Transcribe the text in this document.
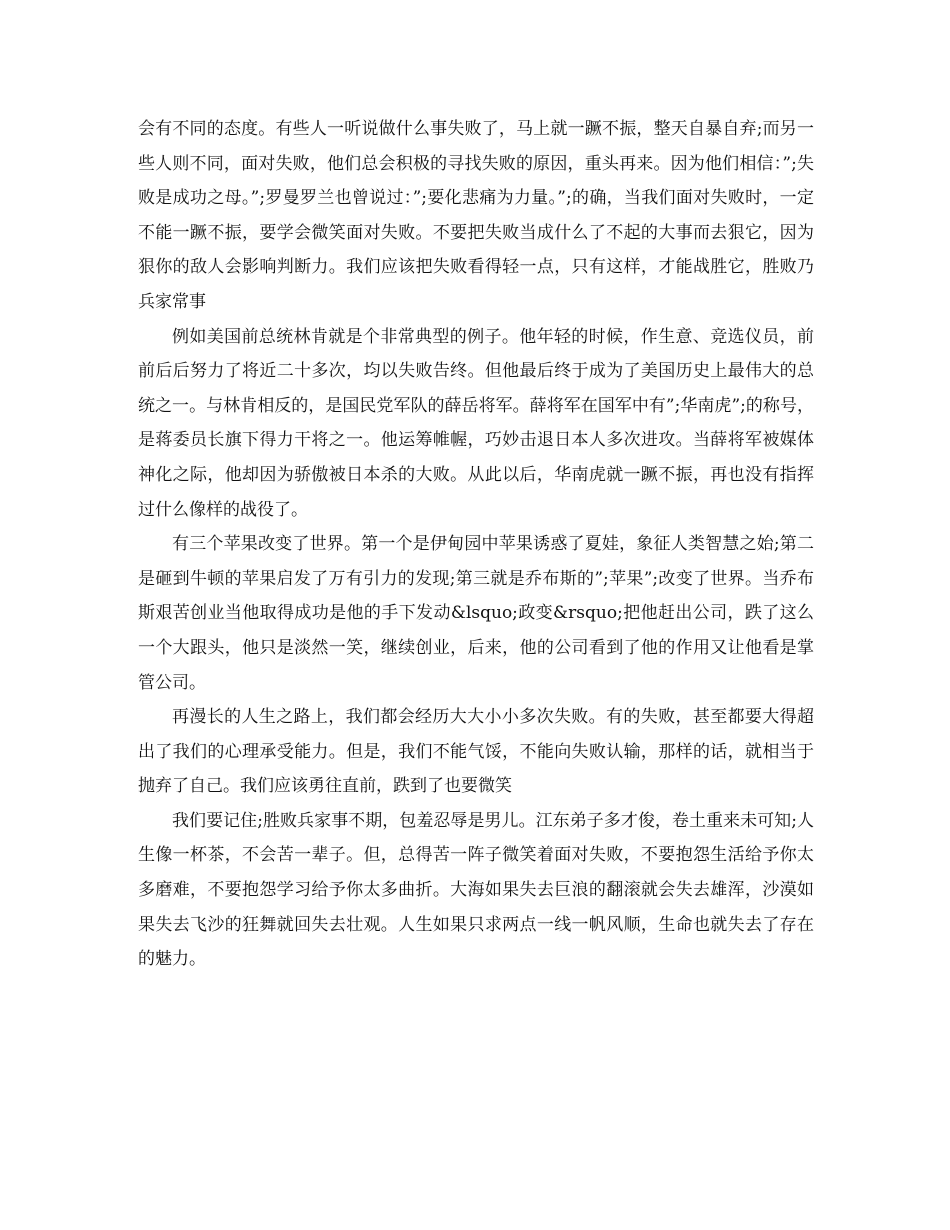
会有不同的态度。有些人一听说做什么事失败了，马上就一蹶不振，整天自暴自弃;而另一些人则不同，面对失败，他们总会积极的寻找失败的原因，重头再来。因为他们相信：”;失败是成功之母。”;罗曼罗兰也曾说过：”;要化悲痛为力量。”;的确，当我们面对失败时，一定不能一蹶不振，要学会微笑面对失败。不要把失败当成什么了不起的大事而去狠它，因为狠你的敌人会影响判断力。我们应该把失败看得轻一点，只有这样，才能战胜它，胜败乃兵家常事

例如美国前总统林肯就是个非常典型的例子。他年轻的时候，作生意、竞选仪员，前前后后努力了将近二十多次，均以失败告终。但他最后终于成为了美国历史上最伟大的总统之一。与林肯相反的，是国民党军队的薛岳将军。薛将军在国军中有”;华南虎”;的称号，是蒋委员长旗下得力干将之一。他运筹帷幄，巧妙击退日本人多次进攻。当薛将军被媒体神化之际，他却因为骄傲被日本杀的大败。从此以后，华南虎就一蹶不振，再也没有指挥过什么像样的战役了。

有三个苹果改变了世界。第一个是伊甸园中苹果诱惑了夏娃，象征人类智慧之始;第二是砸到牛顿的苹果启发了万有引力的发现;第三就是乔布斯的”;苹果”;改变了世界。当乔布斯艰苦创业当他取得成功是他的手下发动&lsquo;政变&rsquo;把他赶出公司，跌了这么一个大跟头，他只是淡然一笑，继续创业，后来，他的公司看到了他的作用又让他看是掌管公司。

再漫长的人生之路上，我们都会经历大大小小多次失败。有的失败，甚至都要大得超出了我们的心理承受能力。但是，我们不能气馁，不能向失败认输，那样的话，就相当于抛弃了自己。我们应该勇往直前，跌到了也要微笑

我们要记住;胜败兵家事不期，包羞忍辱是男儿。江东弟子多才俊，卷土重来未可知;人生像一杯茶，不会苦一辈子。但，总得苦一阵子微笑着面对失败，不要抱怨生活给予你太多磨难，不要抱怨学习给予你太多曲折。大海如果失去巨浪的翻滚就会失去雄浑，沙漠如果失去飞沙的狂舞就回失去壮观。人生如果只求两点一线一帆风顺，生命也就失去了存在的魅力。
